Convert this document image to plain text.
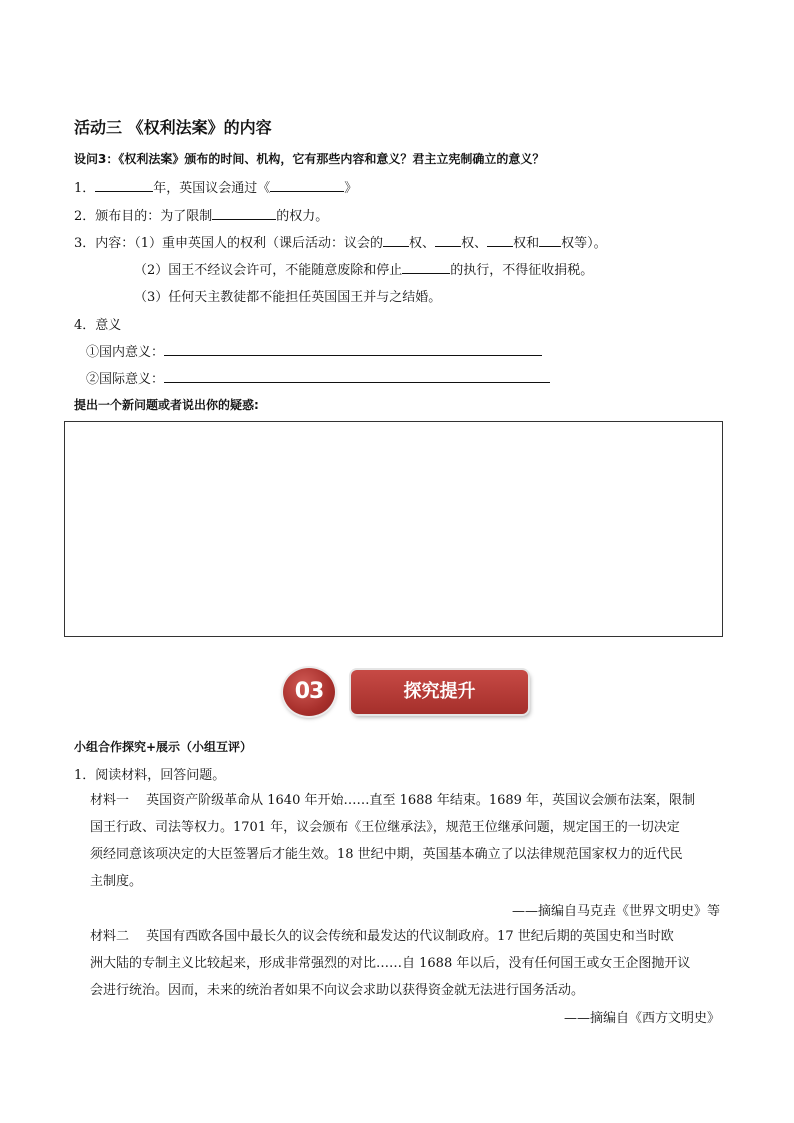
活动三 《权利法案》的内容
设问3：《权利法案》颁布的时间、机构，它有那些内容和意义？君主立宪制确立的意义？
1．	年，英国议会通过《	》
2．颁布目的：为了限制	的权力。
3．内容：（1）重申英国人的权利（课后活动：议会的 权、 权、 权和 权等）。
（2）国王不经议会许可，不能随意废除和停止	的执行，不得征收捐税。
（3）任何天主教徒都不能担任英国国王并与之结婚。
4．意义
①国内意义：
②国际意义：
提出一个新问题或者说出你的疑惑:
03	探究提升
小组合作探究+展示（小组互评）
1．阅读材料，回答问题。
材料一　 英国资产阶级革命从 1640 年开始……直至 1688 年结束。1689 年，英国议会颁布法案，限制
国王行政、司法等权力。1701 年，议会颁布《王位继承法》，规范王位继承问题，规定国王的一切决定
须经同意该项决定的大臣签署后才能生效。18 世纪中期，英国基本确立了以法律规范国家权力的近代民
主制度。
——摘编自马克垚《世界文明史》等
材料二　 英国有西欧各国中最长久的议会传统和最发达的代议制政府。17 世纪后期的英国史和当时欧
洲大陆的专制主义比较起来，形成非常强烈的对比……自 1688 年以后，没有任何国王或女王企图抛开议
会进行统治。因而，未来的统治者如果不向议会求助以获得资金就无法进行国务活动。
——摘编自《西方文明史》
